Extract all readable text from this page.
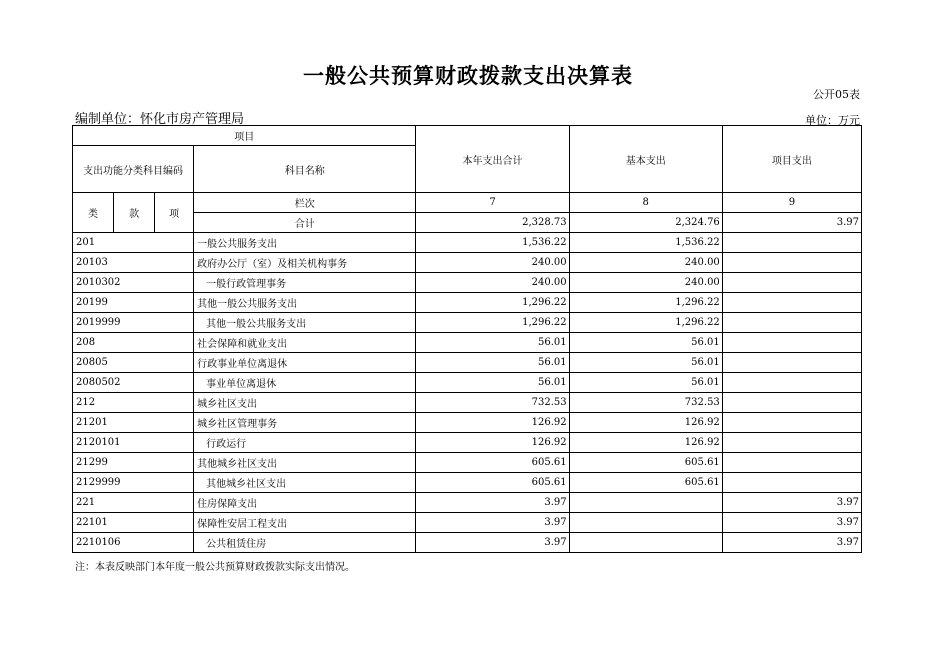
一般公共预算财政拨款支出决算表
公开05表
编制单位：怀化市房产管理局	单位：万元
项目				本年支出合计	基本支出	项目支出
支出功能分类科目编码			科目名称			
类	款	项	栏次	7	8	9
			合计	2,328.73	2,324.76	3.97
201			一般公共服务支出	1,536.22	1,536.22	
20103			政府办公厅（室）及相关机构事务	240.00	240.00	
2010302			一般行政管理事务	240.00	240.00	
20199			其他一般公共服务支出	1,296.22	1,296.22	
2019999			其他一般公共服务支出	1,296.22	1,296.22	
208			社会保障和就业支出	56.01	56.01	
20805			行政事业单位离退休	56.01	56.01	
2080502			事业单位离退休	56.01	56.01	
212			城乡社区支出	732.53	732.53	
21201			城乡社区管理事务	126.92	126.92	
2120101			行政运行	126.92	126.92	
21299			其他城乡社区支出	605.61	605.61	
2129999			其他城乡社区支出	605.61	605.61	
221			住房保障支出	3.97		3.97
22101			保障性安居工程支出	3.97		3.97
2210106			公共租赁住房	3.97		3.97
注：本表反映部门本年度一般公共预算财政拨款实际支出情况。
